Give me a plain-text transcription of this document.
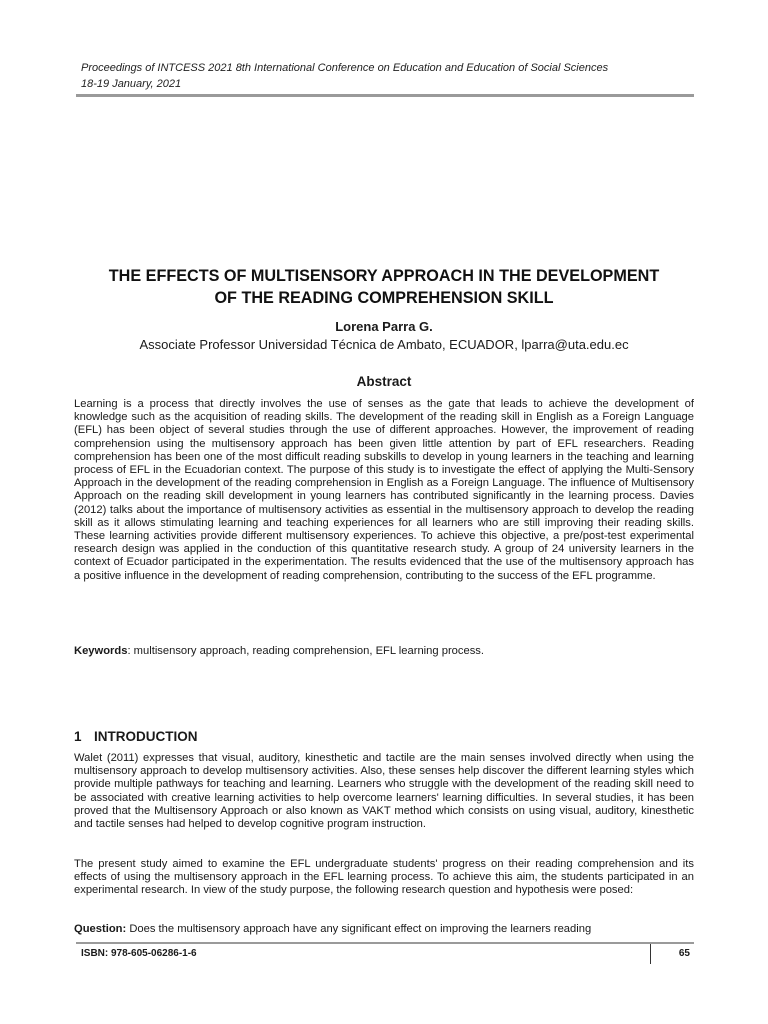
Proceedings of INTCESS 2021 8th International Conference on Education and Education of Social Sciences
18-19 January, 2021
THE EFFECTS OF MULTISENSORY APPROACH IN THE DEVELOPMENT
OF THE READING COMPREHENSION SKILL
Lorena Parra G.
Associate Professor Universidad Técnica de Ambato, ECUADOR, lparra@uta.edu.ec
Abstract
Learning is a process that directly involves the use of senses as the gate that leads to achieve the development of knowledge such as the acquisition of reading skills. The development of the reading skill in English as a Foreign Language (EFL) has been object of several studies through the use of different approaches. However, the improvement of reading comprehension using the multisensory approach has been given little attention by part of EFL researchers. Reading comprehension has been one of the most difficult reading subskills to develop in young learners in the teaching and learning process of EFL in the Ecuadorian context. The purpose of this study is to investigate the effect of applying the Multi-Sensory Approach in the development of the reading comprehension in English as a Foreign Language. The influence of Multisensory Approach on the reading skill development in young learners has contributed significantly in the learning process. Davies (2012) talks about the importance of multisensory activities as essential in the multisensory approach to develop the reading skill as it allows stimulating learning and teaching experiences for all learners who are still improving their reading skills. These learning activities provide different multisensory experiences. To achieve this objective, a pre/post-test experimental research design was applied in the conduction of this quantitative research study. A group of 24 university learners in the context of Ecuador participated in the experimentation. The results evidenced that the use of the multisensory approach has a positive influence in the development of reading comprehension, contributing to the success of the EFL programme.
Keywords: multisensory approach, reading comprehension, EFL learning process.
1 INTRODUCTION
Walet (2011) expresses that visual, auditory, kinesthetic and tactile are the main senses involved directly when using the multisensory approach to develop multisensory activities. Also, these senses help discover the different learning styles which provide multiple pathways for teaching and learning. Learners who struggle with the development of the reading skill need to be associated with creative learning activities to help overcome learners' learning difficulties. In several studies, it has been proved that the Multisensory Approach or also known as VAKT method which consists on using visual, auditory, kinesthetic and tactile senses had helped to develop cognitive program instruction.
The present study aimed to examine the EFL undergraduate students' progress on their reading comprehension and its effects of using the multisensory approach in the EFL learning process. To achieve this aim, the students participated in an experimental research. In view of the study purpose, the following research question and hypothesis were posed:
Question: Does the multisensory approach have any significant effect on improving the learners reading
ISBN: 978-605-06286-1-6	65
